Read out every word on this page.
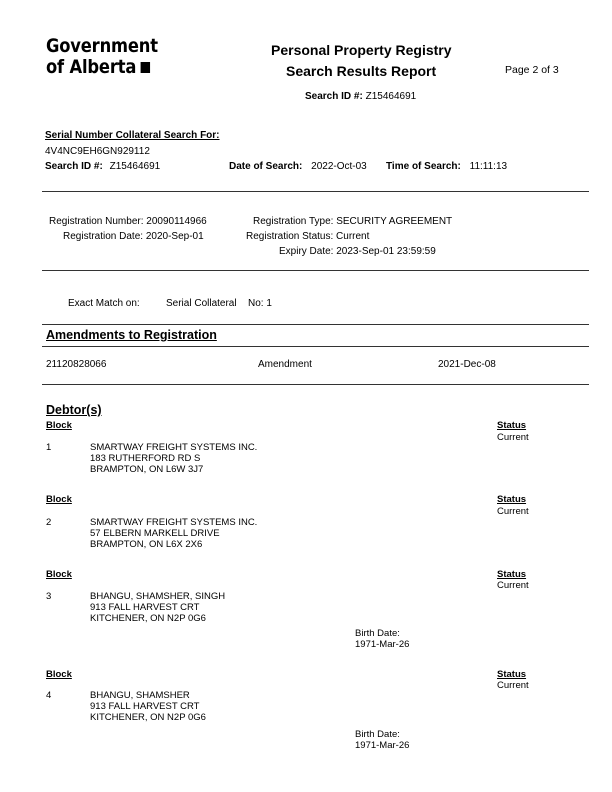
Government
of Alberta
Personal Property Registry
Search Results Report	Page 2 of 3
Search ID #: Z15464691
Serial Number Collateral Search For:
4V4NC9EH6GN929112
Search ID #: Z15464691	Date of Search: 2022-Oct-03 Time of Search: 11:11:13
Registration Number: 20090114966
Registration Date: 2020-Sep-01
Registration Type: SECURITY AGREEMENT
Registration Status: Current
Expiry Date: 2023-Sep-01 23:59:59
Exact Match on:	Serial Collateral No: 1
Amendments to Registration
21120828066	Amendment	2021-Dec-08
Debtor(s)
Block	Status
Current
1	SMARTWAY FREIGHT SYSTEMS INC.
183 RUTHERFORD RD S
BRAMPTON, ON L6W 3J7
Block	Status
Current
2	SMARTWAY FREIGHT SYSTEMS INC.
57 ELBERN MARKELL DRIVE
BRAMPTON, ON L6X 2X6
Block	Status
Current
3	BHANGU, SHAMSHER, SINGH
913 FALL HARVEST CRT
KITCHENER, ON N2P 0G6
Birth Date:
1971-Mar-26
Block	Status
Current
4	BHANGU, SHAMSHER
913 FALL HARVEST CRT
KITCHENER, ON N2P 0G6
Birth Date:
1971-Mar-26
